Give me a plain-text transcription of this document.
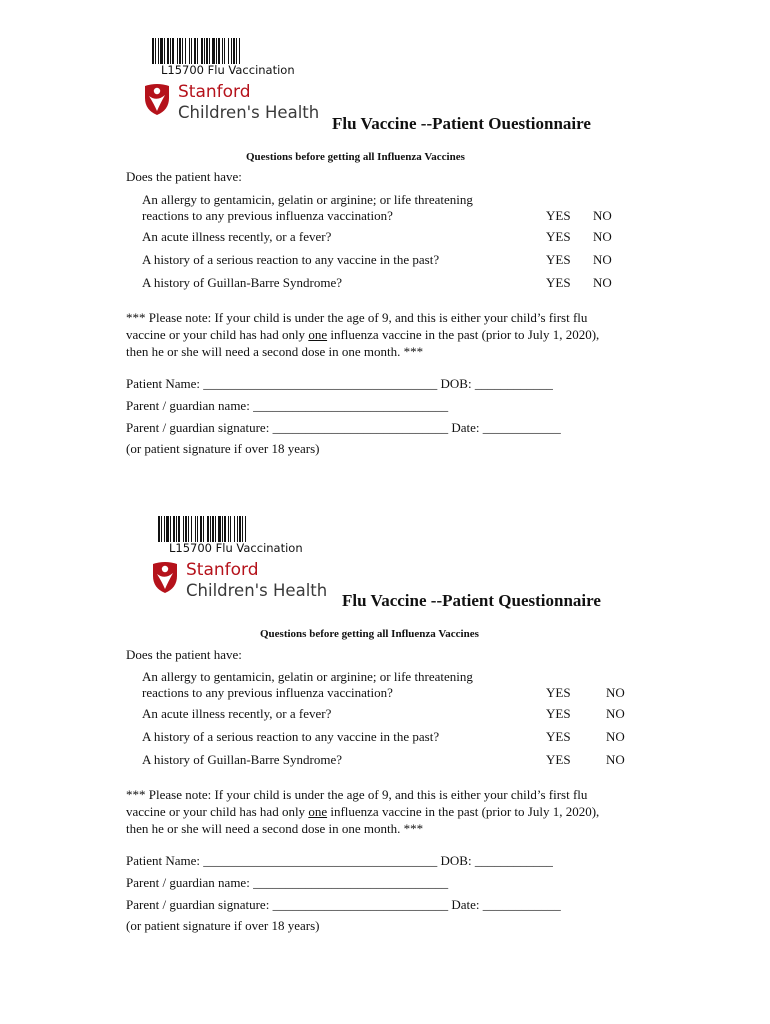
L15700 Flu Vaccination
Stanford
Children's Health
Flu Vaccine --Patient Ouestionnaire
Questions before getting all Influenza Vaccines
Does the patient have:
An allergy to gentamicin, gelatin or arginine; or life threatening
reactions to any previous influenza vaccination?	YES NO
An acute illness recently, or a fever?	YES NO
A history of a serious reaction to any vaccine in the past?	YES NO
A history of Guillan-Barre Syndrome?	YES NO
*** Please note: If your child is under the age of 9, and this is either your child’s first flu
vaccine or your child has had only one influenza vaccine in the past (prior to July 1, 2020),
then he or she will need a second dose in one month. ***
Patient Name: ____________________________________ DOB: ____________
Parent / guardian name: ______________________________
Parent / guardian signature: ___________________________ Date: ____________
(or patient signature if over 18 years)
L15700 Flu Vaccination
Stanford
Children's Health
Flu Vaccine --Patient Questionnaire
Questions before getting all Influenza Vaccines
Does the patient have:
An allergy to gentamicin, gelatin or arginine; or life threatening
reactions to any previous influenza vaccination?	YES	NO
An acute illness recently, or a fever?	YES	NO
A history of a serious reaction to any vaccine in the past?	YES	NO
A history of Guillan-Barre Syndrome?	YES	NO
*** Please note: If your child is under the age of 9, and this is either your child’s first flu
vaccine or your child has had only one influenza vaccine in the past (prior to July 1, 2020),
then he or she will need a second dose in one month. ***
Patient Name: ____________________________________ DOB: ____________
Parent / guardian name: ______________________________
Parent / guardian signature: ___________________________ Date: ____________
(or patient signature if over 18 years)
